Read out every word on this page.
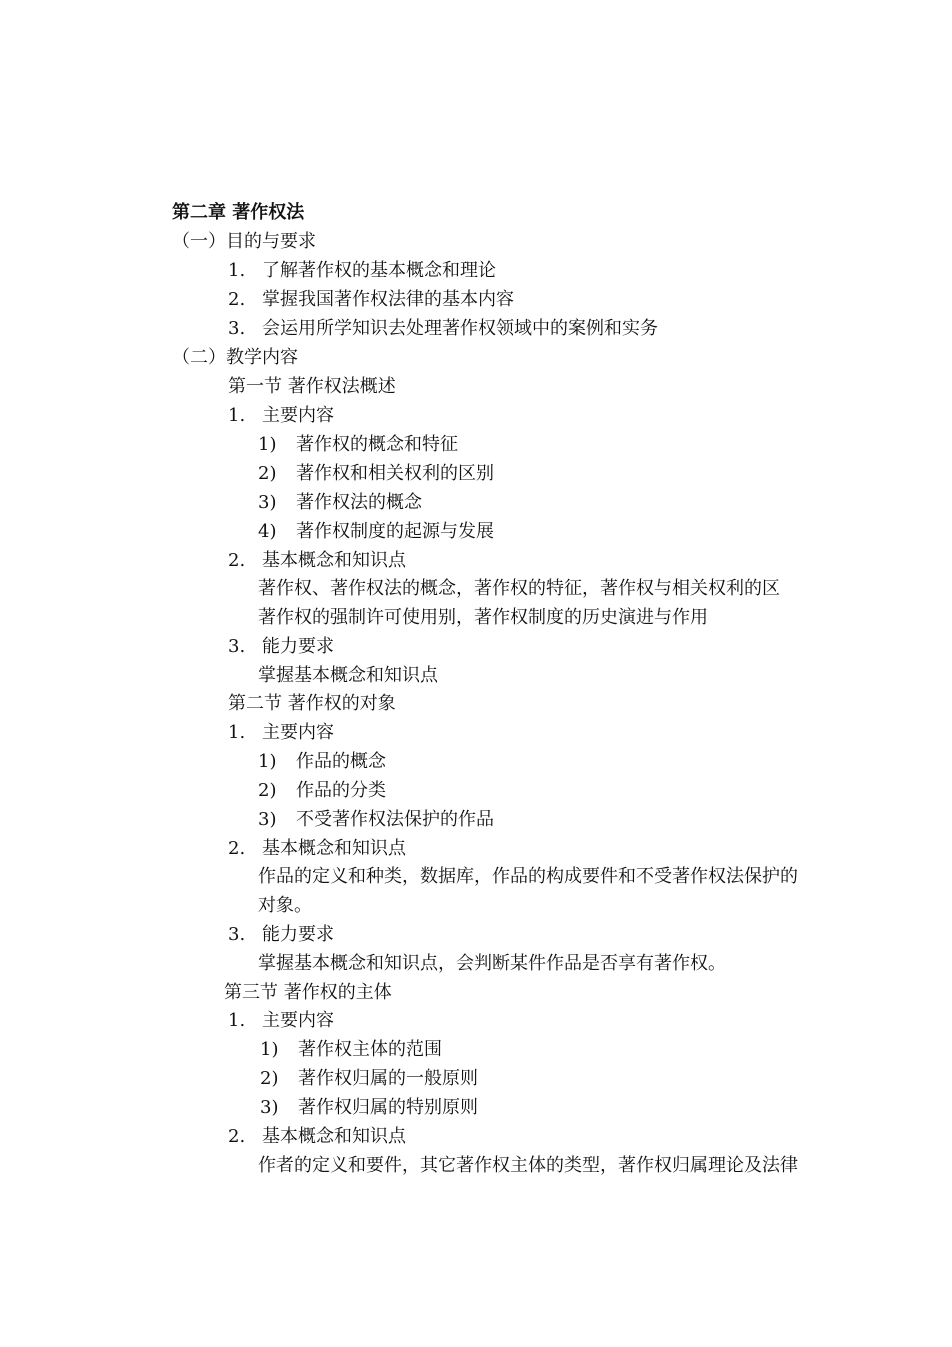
第二章 著作权法
（一）目的与要求
1. 了解著作权的基本概念和理论
2. 掌握我国著作权法律的基本内容
3. 会运用所学知识去处理著作权领域中的案例和实务
（二）教学内容
第一节 著作权法概述
1. 主要内容
1) 著作权的概念和特征
2) 著作权和相关权利的区别
3) 著作权法的概念
4) 著作权制度的起源与发展
2. 基本概念和知识点
著作权、著作权法的概念，著作权的特征，著作权与相关权利的区
著作权的强制许可使用别，著作权制度的历史演进与作用
3. 能力要求
掌握基本概念和知识点
第二节 著作权的对象
1. 主要内容
1) 作品的概念
2) 作品的分类
3) 不受著作权法保护的作品
2. 基本概念和知识点
作品的定义和种类，数据库，作品的构成要件和不受著作权法保护的
对象。
3. 能力要求
掌握基本概念和知识点，会判断某件作品是否享有著作权。
第三节 著作权的主体
1. 主要内容
1) 著作权主体的范围
2) 著作权归属的一般原则
3) 著作权归属的特别原则
2. 基本概念和知识点
作者的定义和要件，其它著作权主体的类型，著作权归属理论及法律
